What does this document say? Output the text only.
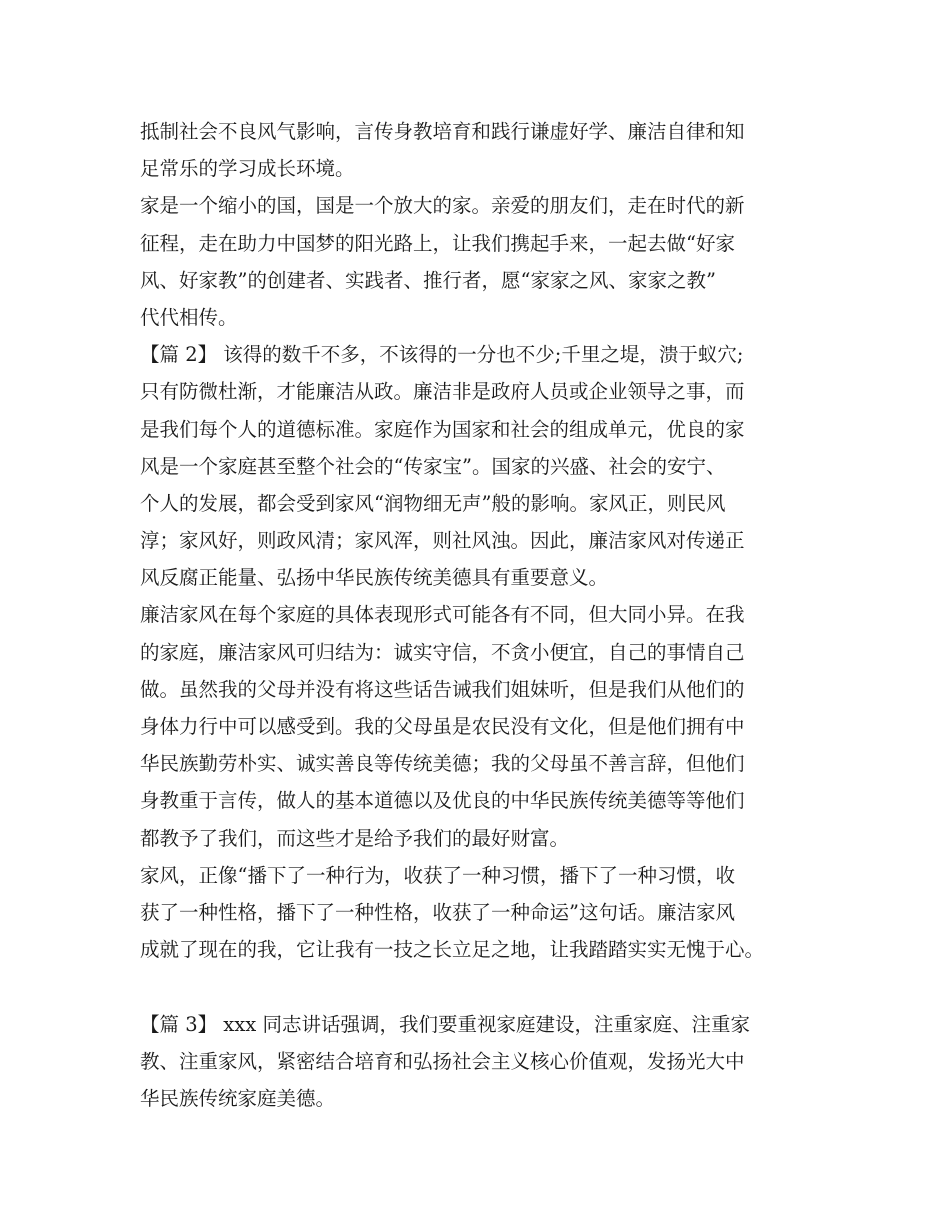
抵制社会不良风气影响，言传身教培育和践行谦虚好学、廉洁自律和知
足常乐的学习成长环境。
家是一个缩小的国，国是一个放大的家。亲爱的朋友们，走在时代的新
征程，走在助力中国梦的阳光路上，让我们携起手来，一起去做“好家
风、好家教”的创建者、实践者、推行者，愿“家家之风、家家之教”
代代相传。
【篇 2】 该得的数千不多，不该得的一分也不少;千里之堤，溃于蚁穴;
只有防微杜渐，才能廉洁从政。廉洁非是政府人员或企业领导之事，而
是我们每个人的道德标准。家庭作为国家和社会的组成单元，优良的家
风是一个家庭甚至整个社会的“传家宝”。国家的兴盛、社会的安宁、
个人的发展，都会受到家风“润物细无声”般的影响。家风正，则民风
淳；家风好，则政风清；家风浑，则社风浊。因此，廉洁家风对传递正
风反腐正能量、弘扬中华民族传统美德具有重要意义。
廉洁家风在每个家庭的具体表现形式可能各有不同，但大同小异。在我
的家庭，廉洁家风可归结为：诚实守信，不贪小便宜，自己的事情自己
做。虽然我的父母并没有将这些话告诫我们姐妹听，但是我们从他们的
身体力行中可以感受到。我的父母虽是农民没有文化，但是他们拥有中
华民族勤劳朴实、诚实善良等传统美德；我的父母虽不善言辞，但他们
身教重于言传，做人的基本道德以及优良的中华民族传统美德等等他们
都教予了我们，而这些才是给予我们的最好财富。
家风，正像“播下了一种行为，收获了一种习惯，播下了一种习惯，收
获了一种性格，播下了一种性格，收获了一种命运”这句话。廉洁家风
成就了现在的我，它让我有一技之长立足之地，让我踏踏实实无愧于心。
【篇 3】 xxx 同志讲话强调，我们要重视家庭建设，注重家庭、注重家
教、注重家风，紧密结合培育和弘扬社会主义核心价值观，发扬光大中
华民族传统家庭美德。
